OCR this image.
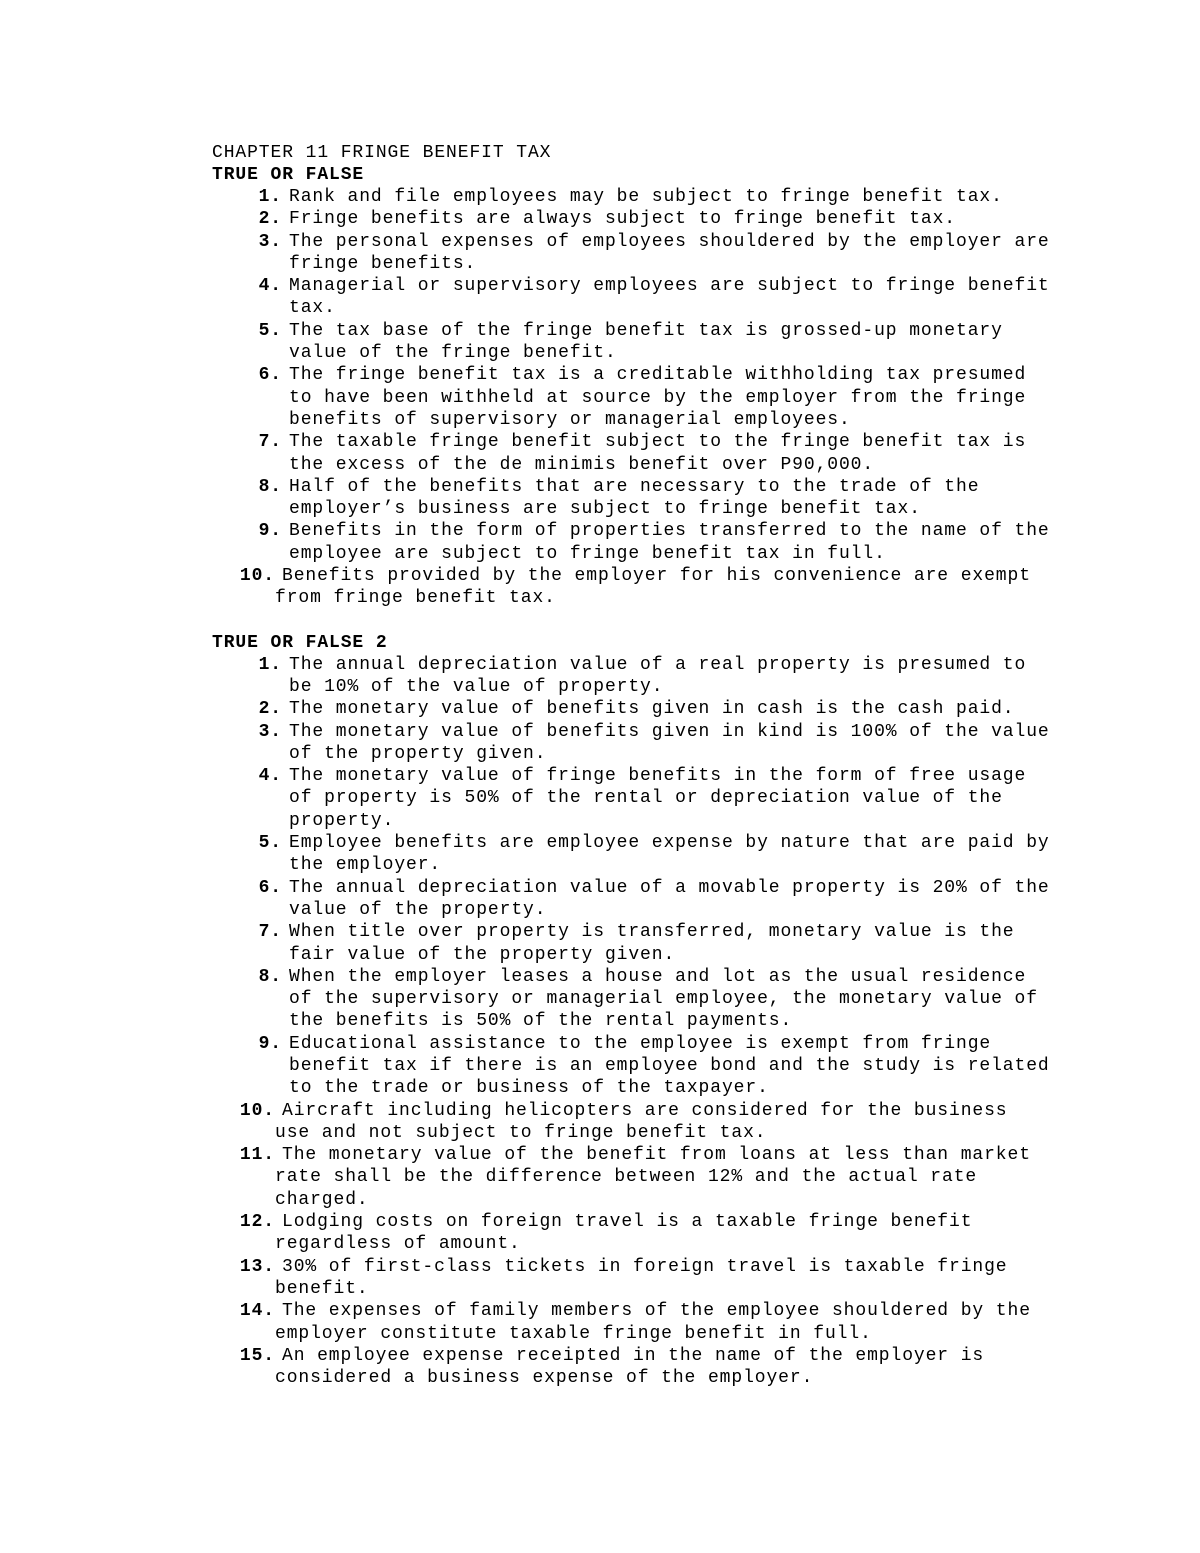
CHAPTER 11 FRINGE BENEFIT TAX
TRUE OR FALSE
1. Rank and file employees may be subject to fringe benefit tax.
2. Fringe benefits are always subject to fringe benefit tax.
3. The personal expenses of employees shouldered by the employer are
fringe benefits.
4. Managerial or supervisory employees are subject to fringe benefit
tax.
5. The tax base of the fringe benefit tax is grossed-up monetary
value of the fringe benefit.
6. The fringe benefit tax is a creditable withholding tax presumed
to have been withheld at source by the employer from the fringe
benefits of supervisory or managerial employees.
7. The taxable fringe benefit subject to the fringe benefit tax is
the excess of the de minimis benefit over P90,000.
8. Half of the benefits that are necessary to the trade of the
employer’s business are subject to fringe benefit tax.
9. Benefits in the form of properties transferred to the name of the
employee are subject to fringe benefit tax in full.
10. Benefits provided by the employer for his convenience are exempt
from fringe benefit tax.
TRUE OR FALSE 2
1. The annual depreciation value of a real property is presumed to
be 10% of the value of property.
2. The monetary value of benefits given in cash is the cash paid.
3. The monetary value of benefits given in kind is 100% of the value
of the property given.
4. The monetary value of fringe benefits in the form of free usage
of property is 50% of the rental or depreciation value of the
property.
5. Employee benefits are employee expense by nature that are paid by
the employer.
6. The annual depreciation value of a movable property is 20% of the
value of the property.
7. When title over property is transferred, monetary value is the
fair value of the property given.
8. When the employer leases a house and lot as the usual residence
of the supervisory or managerial employee, the monetary value of
the benefits is 50% of the rental payments.
9. Educational assistance to the employee is exempt from fringe
benefit tax if there is an employee bond and the study is related
to the trade or business of the taxpayer.
10. Aircraft including helicopters are considered for the business
use and not subject to fringe benefit tax.
11. The monetary value of the benefit from loans at less than market
rate shall be the difference between 12% and the actual rate
charged.
12. Lodging costs on foreign travel is a taxable fringe benefit
regardless of amount.
13. 30% of first-class tickets in foreign travel is taxable fringe
benefit.
14. The expenses of family members of the employee shouldered by the
employer constitute taxable fringe benefit in full.
15. An employee expense receipted in the name of the employer is
considered a business expense of the employer.
